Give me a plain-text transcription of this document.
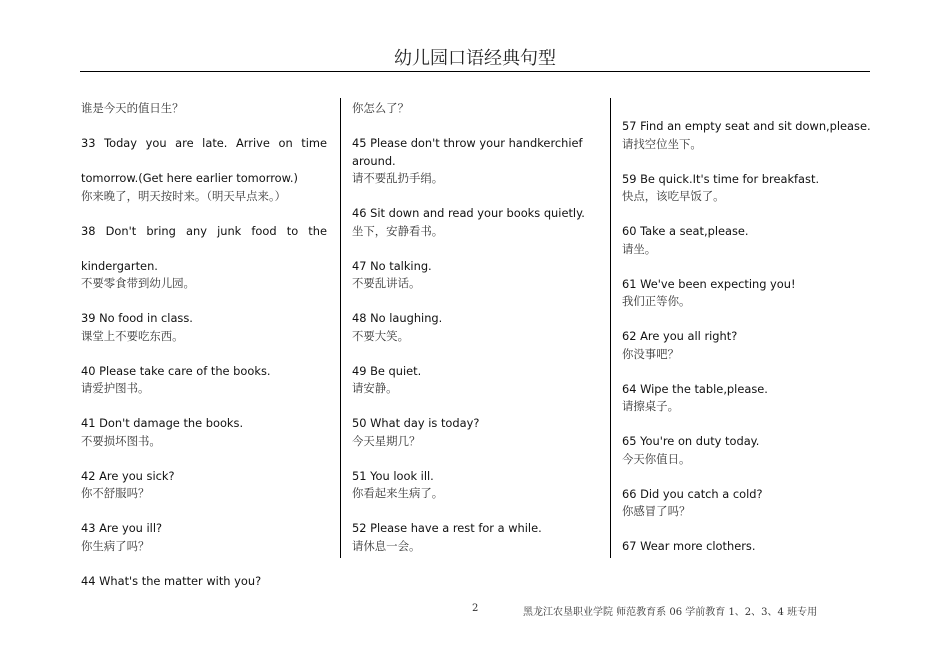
幼儿园口语经典句型
谁是今天的值日生？
33 Today you are late. Arrive on time
tomorrow.(Get here earlier tomorrow.)
你来晚了，明天按时来。（明天早点来。）
38 Don't bring any junk food to the
kindergarten.
不要零食带到幼儿园。
39 No food in class.
课堂上不要吃东西。
40 Please take care of the books.
请爱护图书。
41 Don't damage the books.
不要损坏图书。
42 Are you sick?
你不舒服吗？
43 Are you ill?
你生病了吗？
44 What's the matter with you?
你怎么了？
45 Please don't throw your handkerchief
around.
请不要乱扔手绢。
46 Sit down and read your books quietly.
坐下，安静看书。
47 No talking.
不要乱讲话。
48 No laughing.
不要大笑。
49 Be quiet.
请安静。
50 What day is today?
今天星期几？
51 You look ill.
你看起来生病了。
52 Please have a rest for a while.
请休息一会。
57 Find an empty seat and sit down,please.
请找空位坐下。
59 Be quick.It's time for breakfast.
快点，该吃早饭了。
60 Take a seat,please.
请坐。
61 We've been expecting you!
我们正等你。
62 Are you all right?
你没事吧？
64 Wipe the table,please.
请擦桌子。
65 You're on duty today.
今天你值日。
66 Did you catch a cold?
你感冒了吗？
67 Wear more clothers.
2	黑龙江农垦职业学院 师范教育系 06 学前教育 1、2、3、4 班专用
